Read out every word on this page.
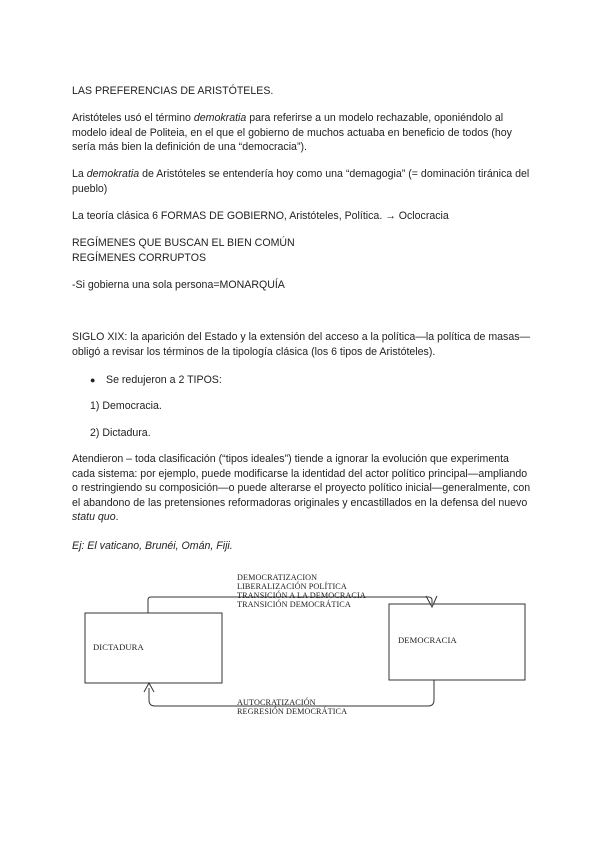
LAS PREFERENCIAS DE ARISTÓTELES.

Aristóteles usó el término demokratia para referirse a un modelo rechazable, oponiéndolo al modelo ideal de Politeia, en el que el gobierno de muchos actuaba en beneficio de todos (hoy sería más bien la definición de una “democracia”).

La demokratia de Aristóteles se entendería hoy como una “demagogia” (= dominación tiránica del pueblo)

La teoría clásica 6 FORMAS DE GOBIERNO, Aristóteles, Política. → Oclocracia

REGÍMENES QUE BUSCAN EL BIEN COMÚN
REGÍMENES CORRUPTOS

-Si gobierna una sola persona=MONARQUÍA

SIGLO XIX: la aparición del Estado y la extensión del acceso a la política—la política de masas—obligó a revisar los términos de la tipología clásica (los 6 tipos de Aristóteles).

● Se redujeron a 2 TIPOS:
1) Democracia.
2) Dictadura.

Atendieron – toda clasificación (“tipos ideales”) tiende a ignorar la evolución que experimenta cada sistema: por ejemplo, puede modificarse la identidad del actor político principal—ampliando o restringiendo su composición—o puede alterarse el proyecto político inicial—generalmente, con el abandono de las pretensiones reformadoras originales y encastillados en la defensa del nuevo statu quo.

Ej: El vaticano, Brunéi, Omán, Fiji.

DICTADURA
DEMOCRACIA
DEMOCRATIZACION
LIBERALIZACIÓN POLÍTICA
TRANSICIÓN A LA DEMOCRACIA
TRANSICIÓN DEMOCRÁTICA
AUTOCRATIZACIÓN
REGRESIÓN DEMOCRÁTICA
